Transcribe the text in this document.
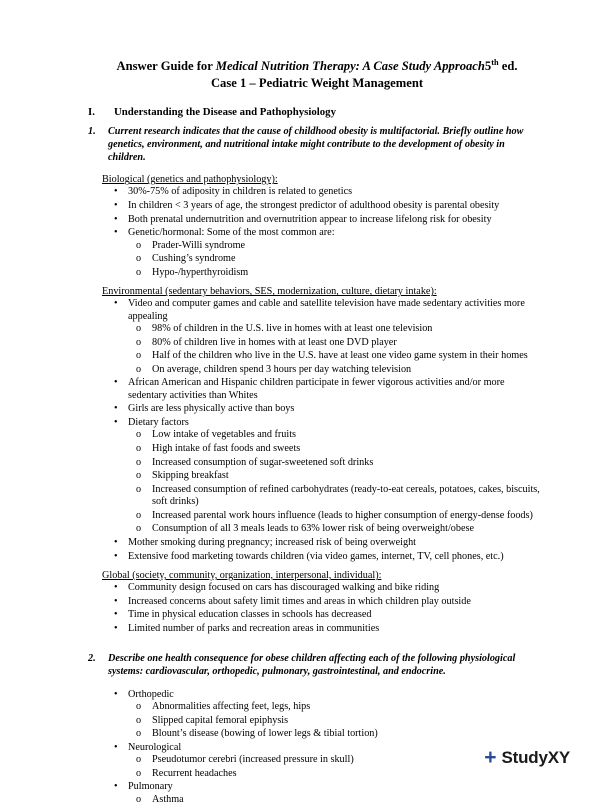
Answer Guide for Medical Nutrition Therapy: A Case Study Approach5th ed.
Case 1 – Pediatric Weight Management
I.	Understanding the Disease and Pathophysiology
1.	Current research indicates that the cause of childhood obesity is multifactorial. Briefly outline how genetics, environment, and nutritional intake might contribute to the development of obesity in children.
Biological (genetics and pathophysiology):
• 30%-75% of adiposity in children is related to genetics
• In children < 3 years of age, the strongest predictor of adulthood obesity is parental obesity
• Both prenatal undernutrition and overnutrition appear to increase lifelong risk for obesity
• Genetic/hormonal: Some of the most common are:
o Prader-Willi syndrome
o Cushing’s syndrome
o Hypo-/hyperthyroidism
Environmental (sedentary behaviors, SES, modernization, culture, dietary intake):
• Video and computer games and cable and satellite television have made sedentary activities more appealing
o 98% of children in the U.S. live in homes with at least one television
o 80% of children live in homes with at least one DVD player
o Half of the children who live in the U.S. have at least one video game system in their homes
o On average, children spend 3 hours per day watching television
• African American and Hispanic children participate in fewer vigorous activities and/or more sedentary activities than Whites
• Girls are less physically active than boys
• Dietary factors
o Low intake of vegetables and fruits
o High intake of fast foods and sweets
o Increased consumption of sugar-sweetened soft drinks
o Skipping breakfast
o Increased consumption of refined carbohydrates (ready-to-eat cereals, potatoes, cakes, biscuits, soft drinks)
o Increased parental work hours influence (leads to higher consumption of energy-dense foods)
o Consumption of all 3 meals leads to 63% lower risk of being overweight/obese
• Mother smoking during pregnancy; increased risk of being overweight
• Extensive food marketing towards children (via video games, internet, TV, cell phones, etc.)
Global (society, community, organization, interpersonal, individual):
• Community design focused on cars has discouraged walking and bike riding
• Increased concerns about safety limit times and areas in which children play outside
• Time in physical education classes in schools has decreased
• Limited number of parks and recreation areas in communities
2.	Describe one health consequence for obese children affecting each of the following physiological systems: cardiovascular, orthopedic, pulmonary, gastrointestinal, and endocrine.
• Orthopedic
o Abnormalities affecting feet, legs, hips
o Slipped capital femoral epiphysis
o Blount’s disease (bowing of lower legs & tibial tortion)
• Neurological
o Pseudotumor cerebri (increased pressure in skull)
o Recurrent headaches
• Pulmonary
o Asthma
+ StudyXY
